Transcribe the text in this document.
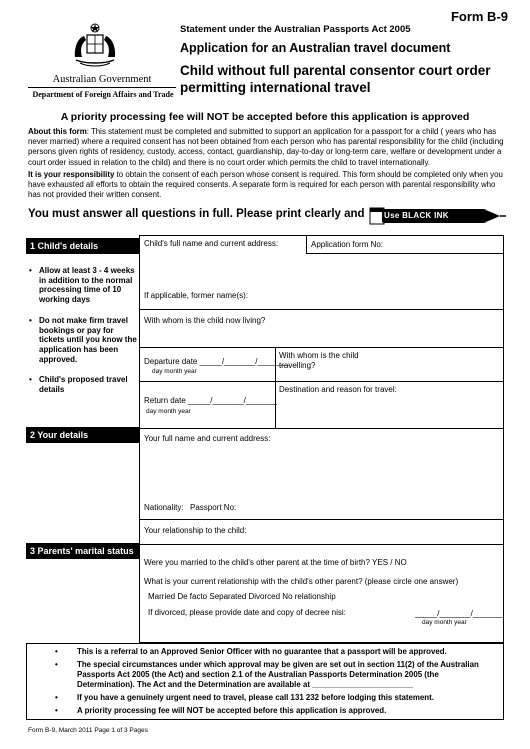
Form B-9
Australian Government
Department of Foreign Affairs and Trade
Statement under the Australian Passports Act 2005
Application for an Australian travel document
Child without full parental consentor court order permitting international travel
A priority processing fee will NOT be accepted before this application is approved
About this form: This statement must be completed and submitted to support an application for a passport for a child ( years who has never married) where a required consent has not been obtained from each person who has parental responsibility for the child (including persons given rights of residency, custody, access, contact, guardianship, day-to-day or long-term care, welfare or development under a court order issued in relation to the child) and there is no court order which permits the child to travel internationally.
It is your responsibility to obtain the consent of each person whose consent is required. This form should be completed only when you have exhausted all efforts to obtain the required consents. A separate form is required for each person with parental responsibility who has not provided their written consent.
You must answer all questions in full. Please print clearly and Use BLACK INK
1 Child's details
2 Your details
3 Parents' marital status
• Allow at least 3 - 4 weeks in addition to the normal processing time of 10 working days
• Do not make firm travel bookings or pay for tickets until you know the application has been approved.
• Child's proposed travel details
Child's full name and current address:	Application form No:
If applicable, former name(s):
With whom is the child now living?
Departure date _____/_______/_______
day month year
With whom is the child travelling?
Destination and reason for travel:
Return date _____/_______/_______
day month year
Your full name and current address:
Nationality: Passport No:
Your relationship to the child:
Were you married to the child's other parent at the time of birth? YES / NO
What is your current relationship with the child's other parent? (please circle one answer)
Married De facto Separated Divorced No relationship
If divorced, please provide date and copy of decree nisi:	_____/_______/_______
day month year
• This is a referral to an Approved Senior Officer with no guarantee that a passport will be approved.
• The special circumstances under which approval may be given are set out in section 11(2) of the Australian Passports Act 2005 (the Act) and section 2.1 of the Australian Passports Determination 2005 (the Determination). The Act and the Determination are available at _______________________
• If you have a genuinely urgent need to travel, please call 131 232 before lodging this statement.
• A priority processing fee will NOT be accepted before this application is approved.
Form B-9, March 2011 Page 1 of 3 Pages
